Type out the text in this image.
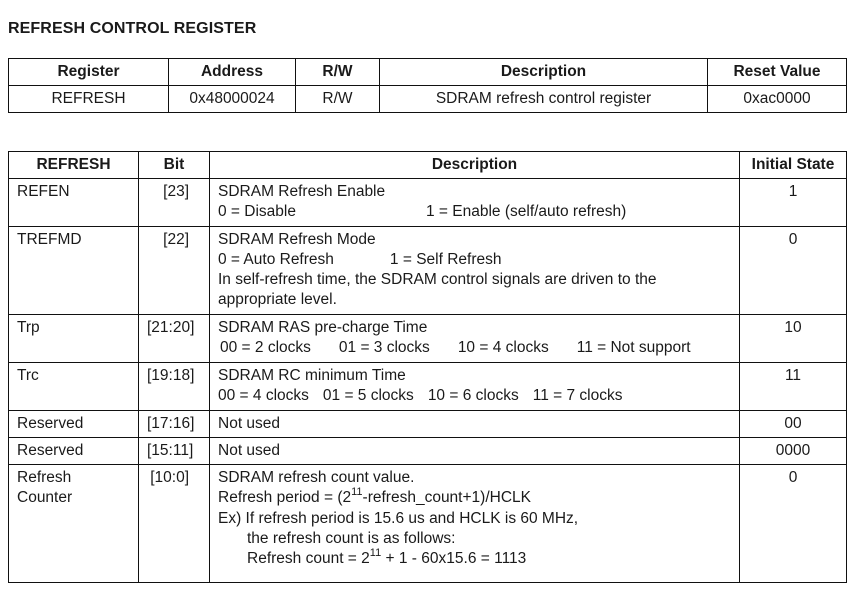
REFRESH CONTROL REGISTER
Register	Address	R/W	Description	Reset Value
REFRESH	0x48000024	R/W	SDRAM refresh control register	0xac0000
REFRESH	Bit	Description	Initial State
REFEN	[23]	SDRAM Refresh Enable
0 = Disable 1 = Enable (self/auto refresh)	1
TREFMD	[22]	SDRAM Refresh Mode
0 = Auto Refresh 1 = Self Refresh
In self-refresh time, the SDRAM control signals are driven to the
appropriate level.	0
Trp	[21:20]	SDRAM RAS pre-charge Time
00 = 2 clocks 01 = 3 clocks 10 = 4 clocks 11 = Not support	10
Trc	[19:18]	SDRAM RC minimum Time
00 = 4 clocks 01 = 5 clocks 10 = 6 clocks 11 = 7 clocks	11
Reserved	[17:16]	Not used	00
Reserved	[15:11]	Not used	0000

Refresh
Counter	[10:0]	SDRAM refresh count value.
Refresh period = $(2^{11}-refresh\_count+1)$/HCLK
Ex) If refresh period is 15.6 us and HCLK is 60 MHz,
the refresh count is as follows:
Refresh count = $2^{11} + 1 - 60x15.6 = 1113$	0
